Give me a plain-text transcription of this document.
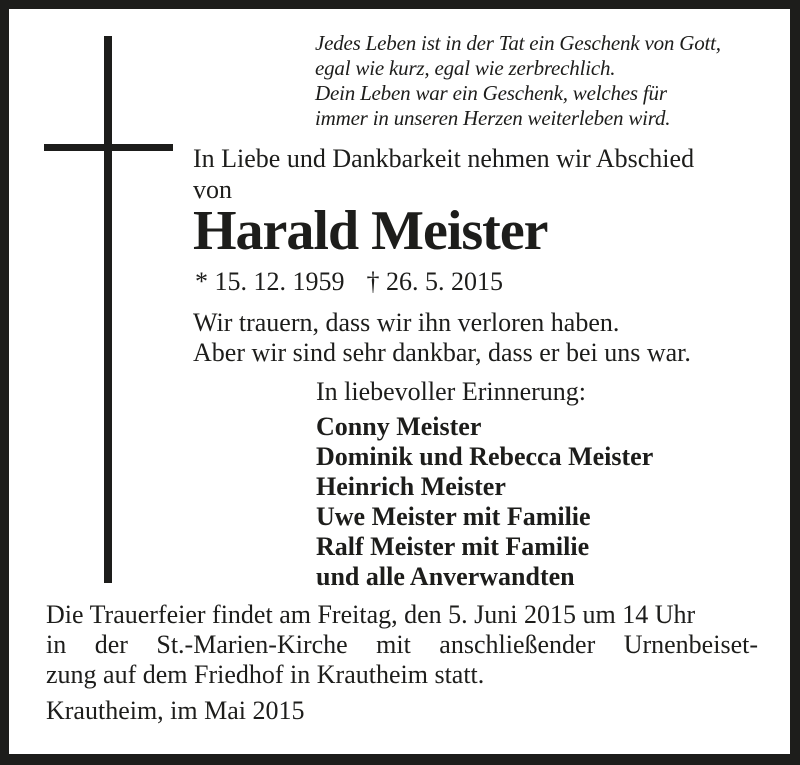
Jedes Leben ist in der Tat ein Geschenk von Gott,
egal wie kurz, egal wie zerbrechlich.
Dein Leben war ein Geschenk, welches für
immer in unseren Herzen weiterleben wird.
In Liebe und Dankbarkeit nehmen wir Abschied
von
Harald Meister
* 15. 12. 1959 † 26. 5. 2015
Wir trauern, dass wir ihn verloren haben.
Aber wir sind sehr dankbar, dass er bei uns war.
In liebevoller Erinnerung:
Conny Meister
Dominik und Rebecca Meister
Heinrich Meister
Uwe Meister mit Familie
Ralf Meister mit Familie
und alle Anverwandten
Die Trauerfeier findet am Freitag, den 5. Juni 2015 um 14 Uhr
in der St.-Marien-Kirche mit anschließender Urnenbeiset-
zung auf dem Friedhof in Krautheim statt.
Krautheim, im Mai 2015
